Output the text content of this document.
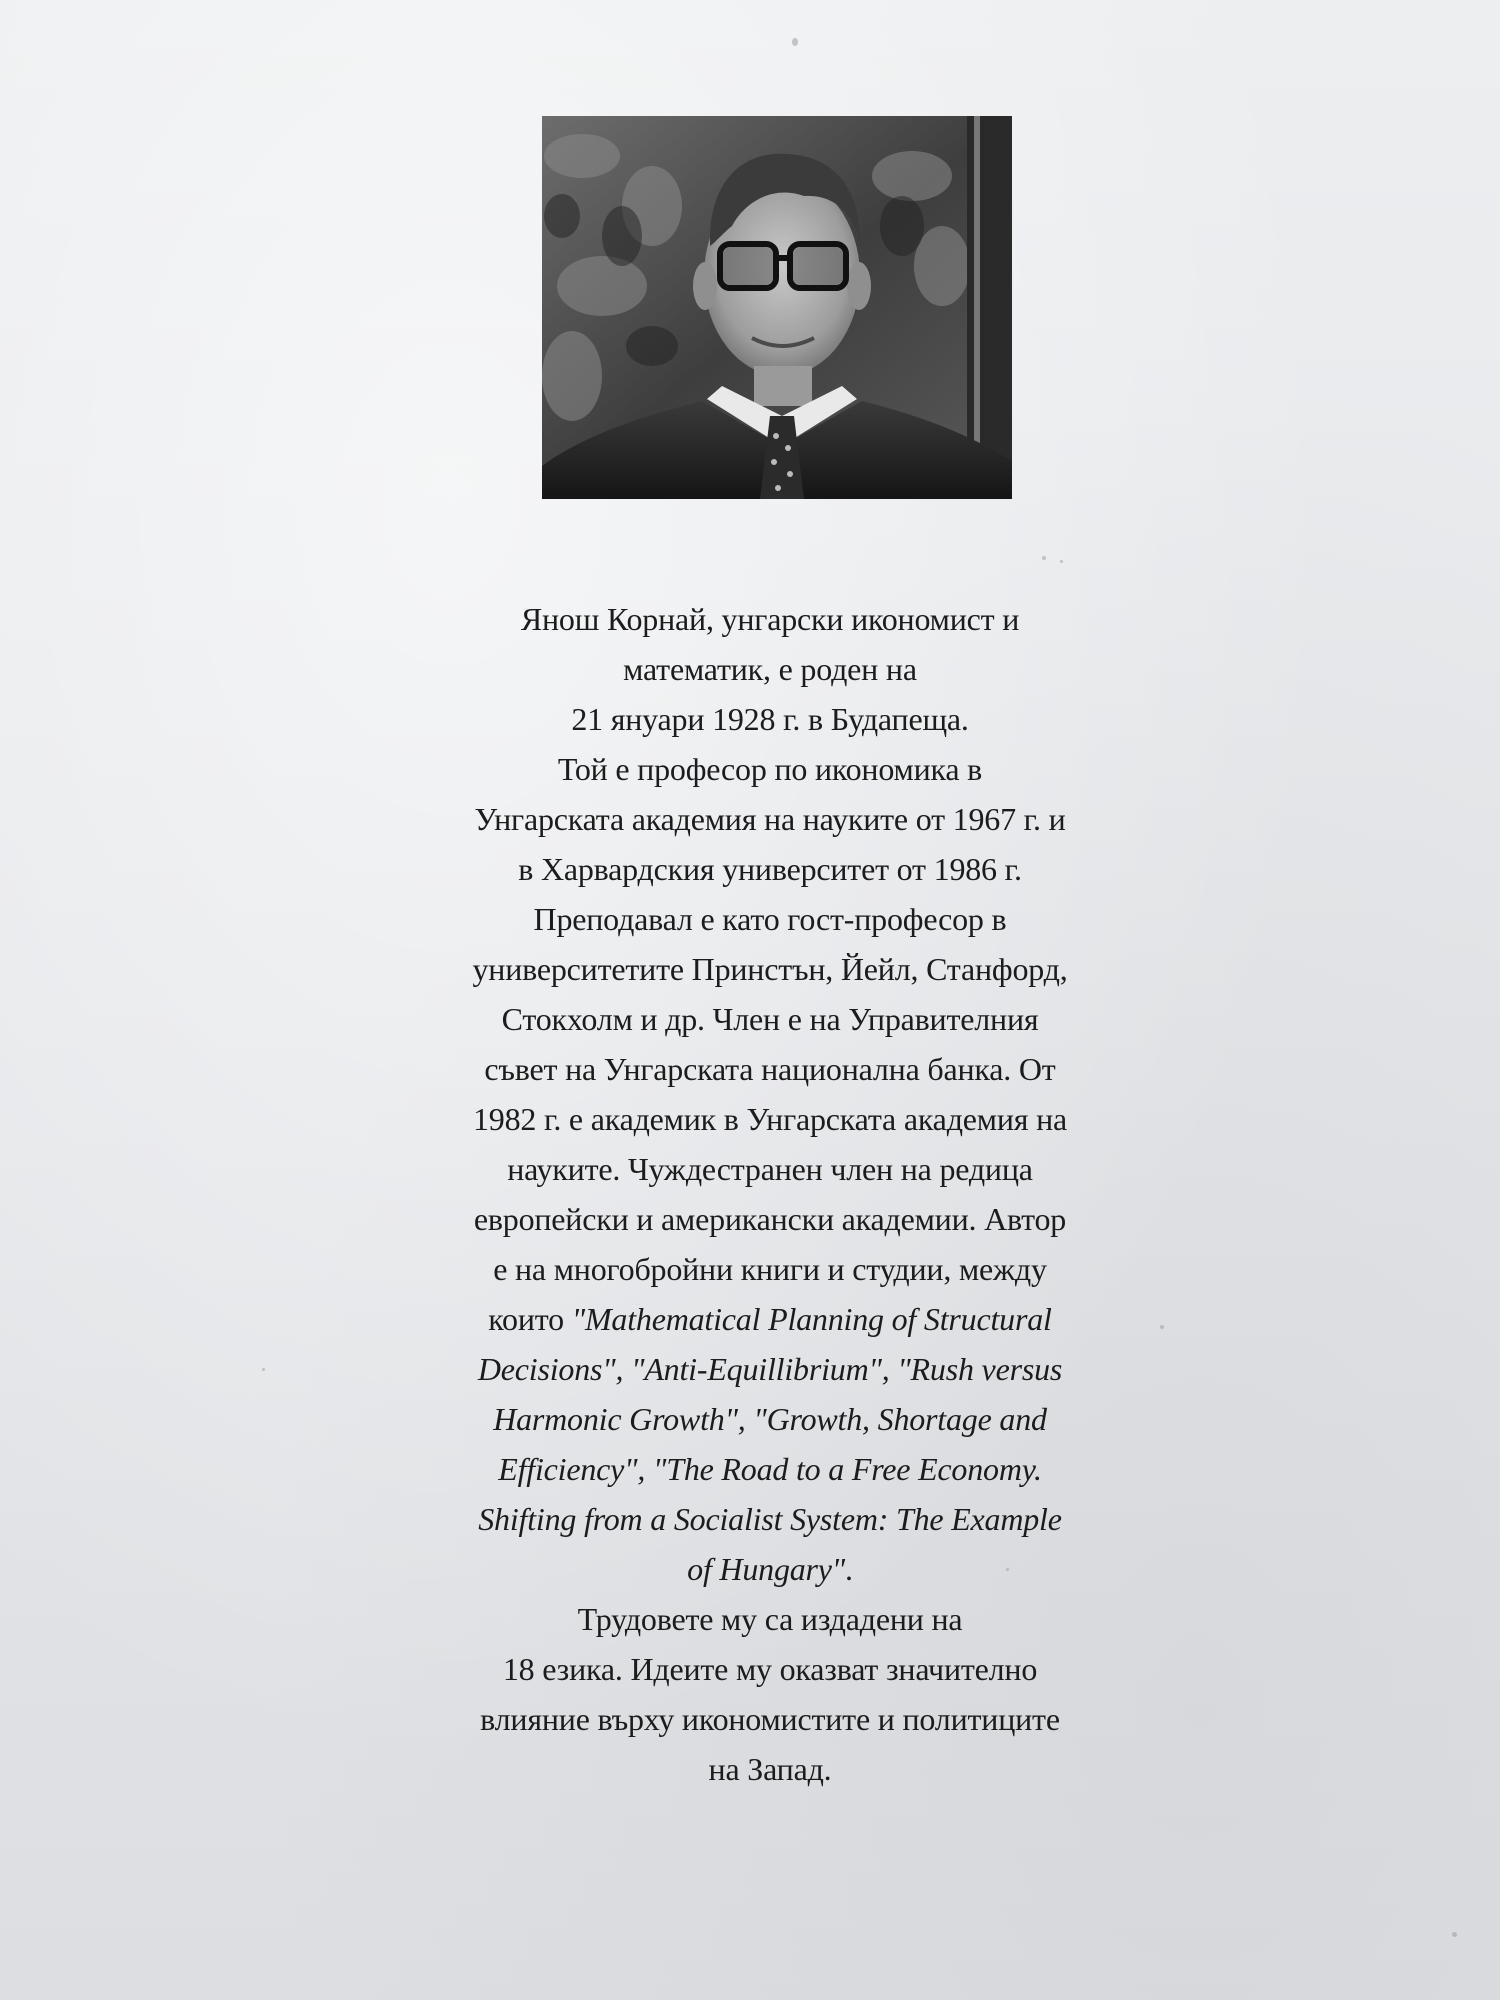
Янош Корнай, унгарски икономист и
математик, е роден на
21 януари 1928 г. в Будапеща.
Той е професор по икономика в
Унгарската академия на науките от 1967 г. и
в Харвардския университет от 1986 г.
Преподавал е като гост-професор в
университетите Принстън, Йейл, Станфорд,
Стокхолм и др. Член е на Управителния
съвет на Унгарската национална банка. От
1982 г. е академик в Унгарската академия на
науките. Чуждестранен член на редица
европейски и американски академии. Автор
е на многобройни книги и студии, между
които "Mathematical Planning of Structural
Decisions", "Anti-Equillibrium", "Rush versus
Harmonic Growth", "Growth, Shortage and
Efficiency", "The Road to a Free Economy.
Shifting from a Socialist System: The Example
of Hungary".
Трудовете му са издадени на
18 езика. Идеите му оказват значително
влияние върху икономистите и политиците
на Запад.
